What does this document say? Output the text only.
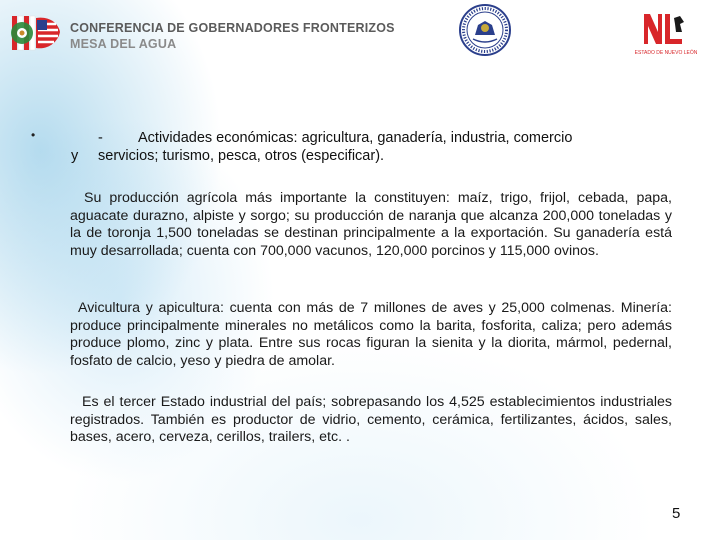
CONFERENCIA DE GOBERNADORES FRONTERIZOS
MESA DEL AGUA
ESTADO DE NUEVO LEÓN
•	- Actividades económicas: agricultura, ganadería, industria, comercio
y servicios; turismo, pesca, otros (especificar).

Su producción agrícola más importante la constituyen: maíz, trigo, frijol, cebada, papa, aguacate durazno, alpiste y sorgo; su producción de naranja que alcanza 200,000 toneladas y la de toronja 1,500 toneladas se destinan principalmente a la exportación. Su ganadería está muy desarrollada; cuenta con 700,000 vacunos, 120,000 porcinos y 115,000 ovinos.

Avicultura y apicultura: cuenta con más de 7 millones de aves y 25,000 colmenas. Minería: produce principalmente minerales no metálicos como la barita, fosforita, caliza; pero además produce plomo, zinc y plata. Entre sus rocas figuran la sienita y la diorita, mármol, pedernal, fosfato de calcio, yeso y piedra de amolar.

Es el tercer Estado industrial del país; sobrepasando los 4,525 establecimientos industriales registrados. También es productor de vidrio, cemento, cerámica, fertilizantes, ácidos, sales, bases, acero, cerveza, cerillos, trailers, etc. .

5
